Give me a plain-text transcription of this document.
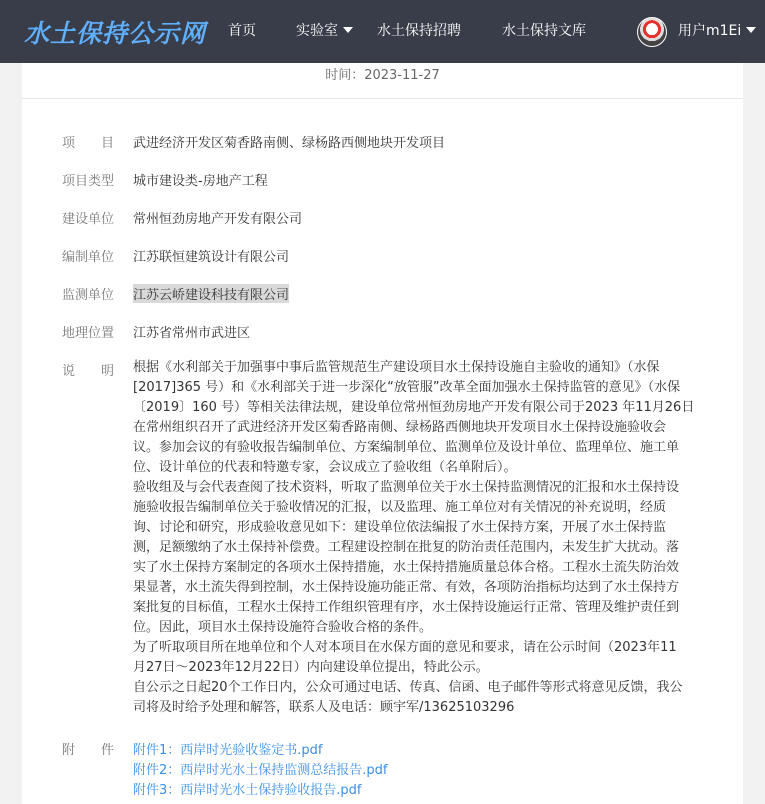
水土保持公示网 首页	实验室	水土保持招聘	水土保持文库	用户m1Ei
时间：2023-11-27
项　　目	武进经济开发区菊香路南侧、绿杨路西侧地块开发项目
项目类型	城市建设类-房地产工程
建设单位	常州恒劲房地产开发有限公司
编制单位	江苏联恒建筑设计有限公司
监测单位	江苏云峤建设科技有限公司
地理位置	江苏省常州市武进区
说　　明	根据《水利部关于加强事中事后监管规范生产建设项目水土保持设施自主验收的通知》（水保
[2017]365 号）和《水利部关于进一步深化“放管服”改革全面加强水土保持监管的意见》（水保
〔2019〕160 号）等相关法律法规，建设单位常州恒劲房地产开发有限公司于2023 年11月26日
在常州组织召开了武进经济开发区菊香路南侧、绿杨路西侧地块开发项目水土保持设施验收会
议。参加会议的有验收报告编制单位、方案编制单位、监测单位及设计单位、监理单位、施工单
位、设计单位的代表和特邀专家，会议成立了验收组（名单附后）。
验收组及与会代表查阅了技术资料，听取了监测单位关于水土保持监测情况的汇报和水土保持设
施验收报告编制单位关于验收情况的汇报，以及监理、施工单位对有关情况的补充说明，经质
询、讨论和研究，形成验收意见如下：建设单位依法编报了水土保持方案，开展了水土保持监
测，足额缴纳了水土保持补偿费。工程建设控制在批复的防治责任范围内，未发生扩大扰动。落
实了水土保持方案制定的各项水土保持措施，水土保持措施质量总体合格。工程水土流失防治效
果显著，水土流失得到控制，水土保持设施功能正常、有效，各项防治指标均达到了水土保持方
案批复的目标值，工程水土保持工作组织管理有序，水土保持设施运行正常、管理及维护责任到
位。因此，项目水土保持设施符合验收合格的条件。
为了听取项目所在地单位和个人对本项目在水保方面的意见和要求，请在公示时间（2023年11
月27日～2023年12月22日）内向建设单位提出，特此公示。
自公示之日起20个工作日内，公众可通过电话、传真、信函、电子邮件等形式将意见反馈，我公
司将及时给予处理和解答，联系人及电话：顾宇军/13625103296
附　　件	附件1：西岸时光验收鉴定书.pdf
附件2：西岸时光水土保持监测总结报告.pdf
附件3：西岸时光水土保持验收报告.pdf
